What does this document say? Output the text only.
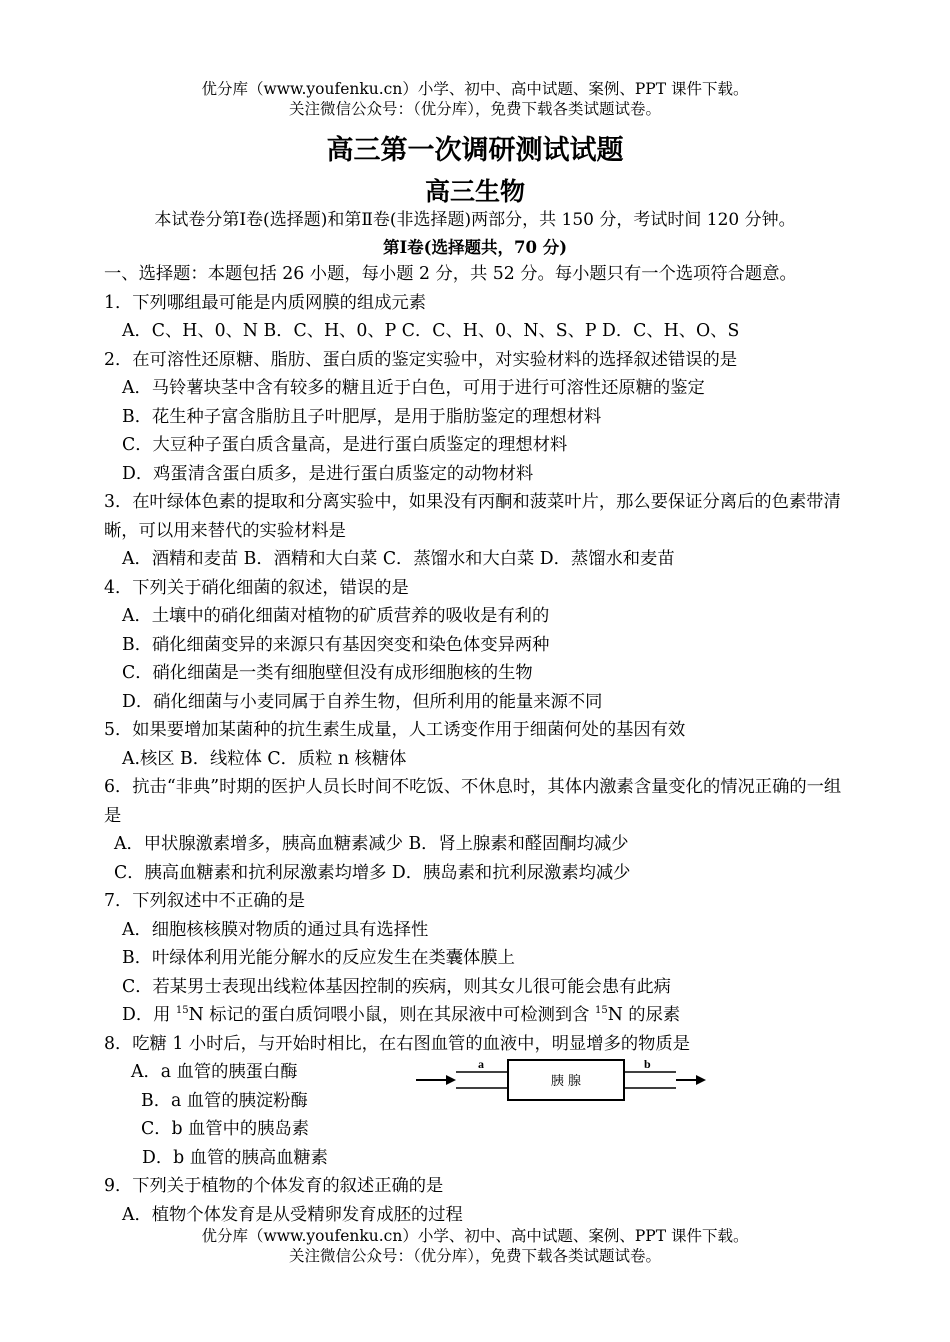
优分库（www.youfenku.cn）小学、初中、高中试题、案例、PPT 课件下载。
关注微信公众号：（优分库），免费下载各类试题试卷。
高三第一次调研测试试题
高三生物
本试卷分第Ⅰ卷(选择题)和第Ⅱ卷(非选择题)两部分，共 150 分，考试时间 120 分钟。
第Ⅰ卷(选择题共，70 分)
一、选择题：本题包括 26 小题，每小题 2 分，共 52 分。每小题只有一个选项符合题意。
1．下列哪组最可能是内质网膜的组成元素
A．C、H、0、N B．C、H、0、P C．C、H、0、N、S、P D．C、H、O、S
2．在可溶性还原糖、脂肪、蛋白质的鉴定实验中，对实验材料的选择叙述错误的是
A．马铃薯块茎中含有较多的糖且近于白色，可用于进行可溶性还原糖的鉴定
B．花生种子富含脂肪且子叶肥厚，是用于脂肪鉴定的理想材料
C．大豆种子蛋白质含量高，是进行蛋白质鉴定的理想材料
D．鸡蛋清含蛋白质多，是进行蛋白质鉴定的动物材料
3．在叶绿体色素的提取和分离实验中，如果没有丙酮和菠菜叶片，那么要保证分离后的色素带清晰，可以用来替代的实验材料是
A．酒精和麦苗 B．酒精和大白菜 C．蒸馏水和大白菜 D．蒸馏水和麦苗
4．下列关于硝化细菌的叙述，错误的是
A．土壤中的硝化细菌对植物的矿质营养的吸收是有利的
B．硝化细菌变异的来源只有基因突变和染色体变异两种
C．硝化细菌是一类有细胞壁但没有成形细胞核的生物
D．硝化细菌与小麦同属于自养生物，但所利用的能量来源不同
5．如果要增加某菌种的抗生素生成量，人工诱变作用于细菌何处的基因有效
A.核区 B．线粒体 C．质粒 n 核糖体
6．抗击“非典”时期的医护人员长时间不吃饭、不休息时，其体内激素含量变化的情况正确的一组是
A．甲状腺激素增多，胰高血糖素减少 B．肾上腺素和醛固酮均减少
C．胰高血糖素和抗利尿激素均增多 D．胰岛素和抗利尿激素均减少
7．下列叙述中不正确的是
A．细胞核核膜对物质的通过具有选择性
B．叶绿体利用光能分解水的反应发生在类囊体膜上
C．若某男士表现出线粒体基因控制的疾病，则其女儿很可能会患有此病
D．用 $^{15}$N 标记的蛋白质饲喂小鼠，则在其尿液中可检测到含 $^{15}$N 的尿素
8．吃糖 1 小时后，与开始时相比，在右图血管的血液中，明显增多的物质是
A．a 血管的胰蛋白酶
B．a 血管的胰淀粉酶
C．b 血管中的胰岛素
D．b 血管的胰高血糖素
9．下列关于植物的个体发育的叙述正确的是
A．植物个体发育是从受精卵发育成胚的过程
a
胰 腺
b
优分库（www.youfenku.cn）小学、初中、高中试题、案例、PPT 课件下载。
关注微信公众号：（优分库），免费下载各类试题试卷。
